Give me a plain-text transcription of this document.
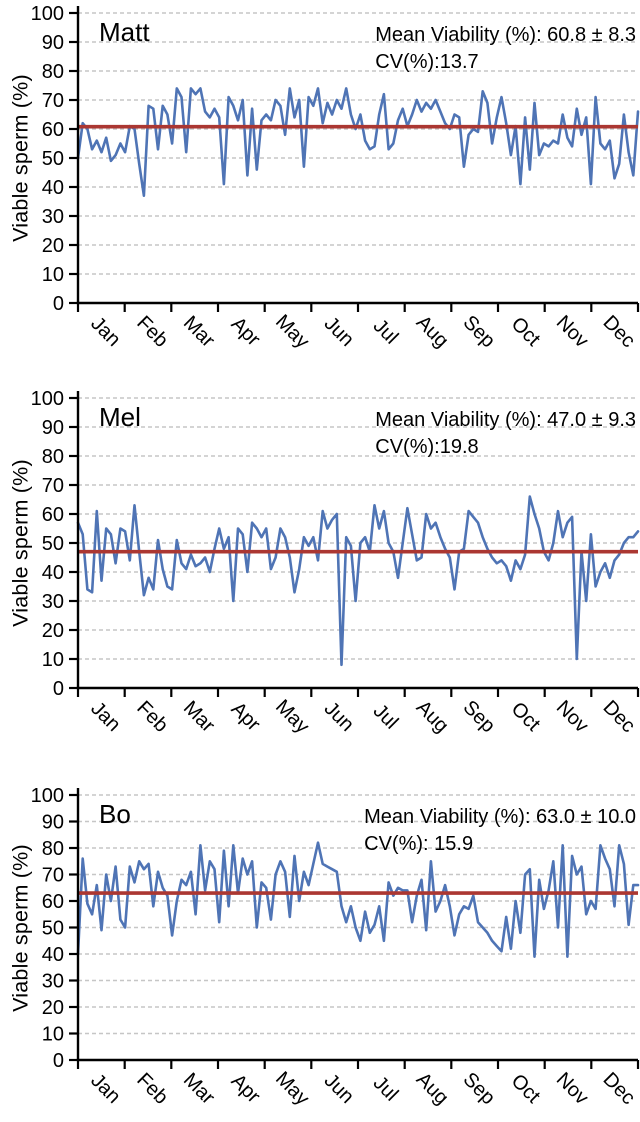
0
10
20
30
40
50
60
70
80
90
100
Jan Feb Mar Apr May Jun Jul Aug Sep Oct Nov Dec
Viable sperm (%)
Matt	Mean Viability (%): 60.8 ± 8.3
CV(%):13.7
0
10
20
30
40
50
60
70
80
90
100
Jan Feb Mar Apr May Jun Jul Aug Sep Oct Nov Dec
Viable sperm (%)
Mel	Mean Viability (%): 47.0 ± 9.3
CV(%):19.8
0
10
20
30
40
50
60
70
80
90
100
Jan Feb Mar Apr May Jun Jul Aug Sep Oct Nov Dec
Viable sperm (%)
Bo	Mean Viability (%): 63.0 ± 10.0
CV(%): 15.9
